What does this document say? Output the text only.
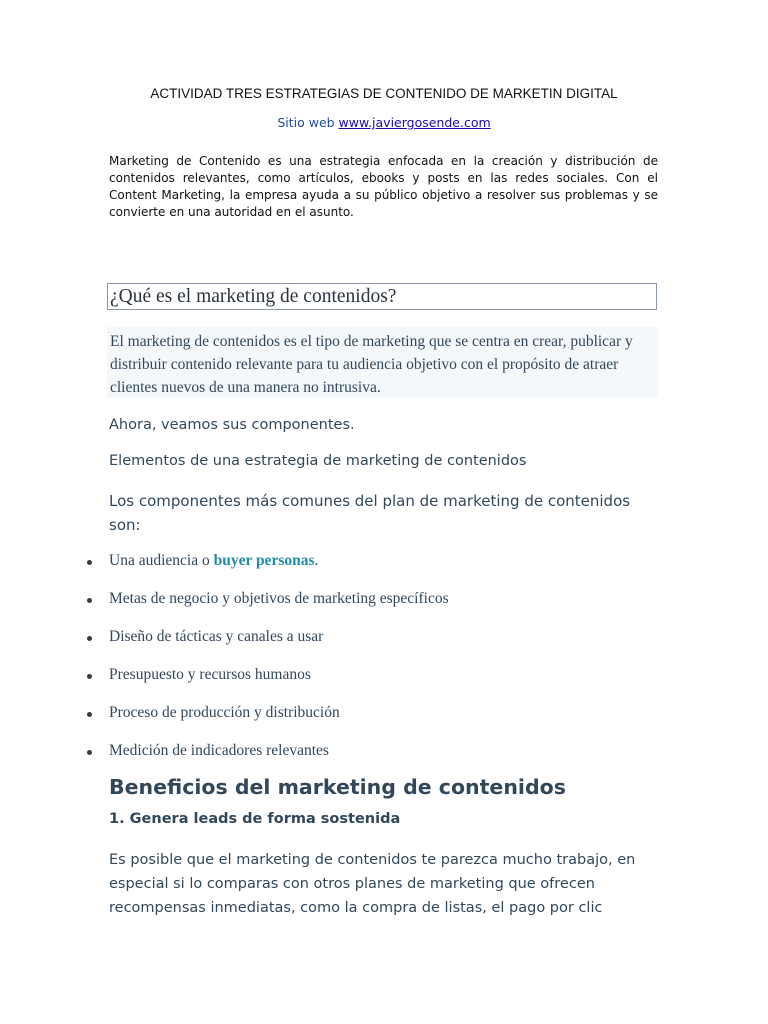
ACTIVIDAD TRES ESTRATEGIAS DE CONTENIDO DE MARKETIN DIGITAL
Sitio web www.javiergosende.com

Marketing de Contenido es una estrategia enfocada en la creación y distribución de contenidos relevantes, como artículos, ebooks y posts en las redes sociales. Con el Content Marketing, la empresa ayuda a su público objetivo a resolver sus problemas y se convierte en una autoridad en el asunto.

¿Qué es el marketing de contenidos?

El marketing de contenidos es el tipo de marketing que se centra en crear, publicar y distribuir contenido relevante para tu audiencia objetivo con el propósito de atraer clientes nuevos de una manera no intrusiva.

Ahora, veamos sus componentes.

Elementos de una estrategia de marketing de contenidos

Los componentes más comunes del plan de marketing de contenidos son:

Una audiencia o buyer personas.
Metas de negocio y objetivos de marketing específicos
Diseño de tácticas y canales a usar
Presupuesto y recursos humanos
Proceso de producción y distribución
Medición de indicadores relevantes
Beneficios del marketing de contenidos
1. Genera leads de forma sostenida

Es posible que el marketing de contenidos te parezca mucho trabajo, en especial si lo comparas con otros planes de marketing que ofrecen recompensas inmediatas, como la compra de listas, el pago por clic
